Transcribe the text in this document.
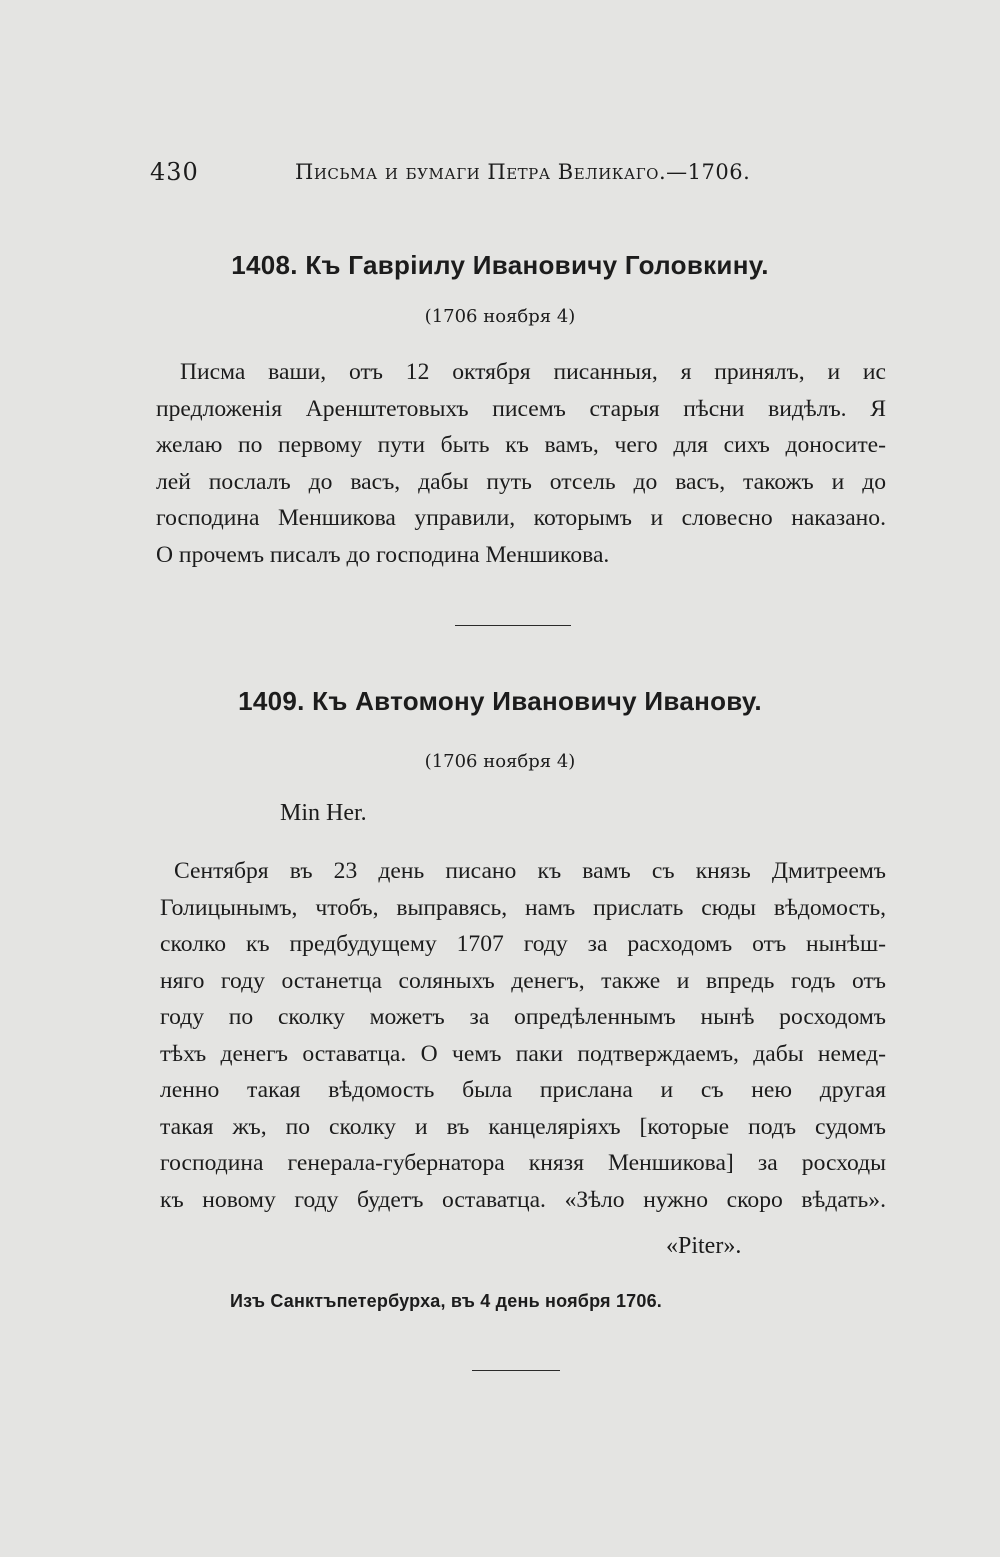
430	Письма и бумаги Петра Великаго.—1706.
1408. Къ Гавріилу Ивановичу Головкину.
(1706 ноября 4)
Писма ваши, отъ 12 октября писанныя, я принялъ, и ис
предложенія Аренштетовыхъ писемъ старыя пѣсни видѣлъ. Я
желаю по первому пути быть къ вамъ, чего для сихъ доносите-
лей послалъ до васъ, дабы путь отсель до васъ, такожъ и до
господина Меншикова управили, которымъ и словесно наказано.
О прочемъ писалъ до господина Меншикова.
1409. Къ Автомону Ивановичу Иванову.
(1706 ноября 4)
Min Her.
Сентября въ 23 день писано къ вамъ съ князь Дмитреемъ
Голицынымъ, чтобъ, выправясь, намъ прислать сюды вѣдомость,
сколко къ предбудущему 1707 году за расходомъ отъ нынѣш-
няго году останетца соляныхъ денегъ, также и впредь годъ отъ
году по сколку можетъ за опредѣленнымъ нынѣ росходомъ
тѣхъ денегъ оставатца. О чемъ паки подтверждаемъ, дабы немед-
ленно такая вѣдомость была прислана и съ нею другая
такая жъ, по сколку и въ канцеляріяхъ [которые подъ судомъ
господина генерала-губернатора князя Меншикова] за росходы
къ новому году будетъ оставатца. «Зѣло нужно скоро вѣдать».
«Piter».
Изъ Санктъпетербурха, въ 4 день ноября 1706.
